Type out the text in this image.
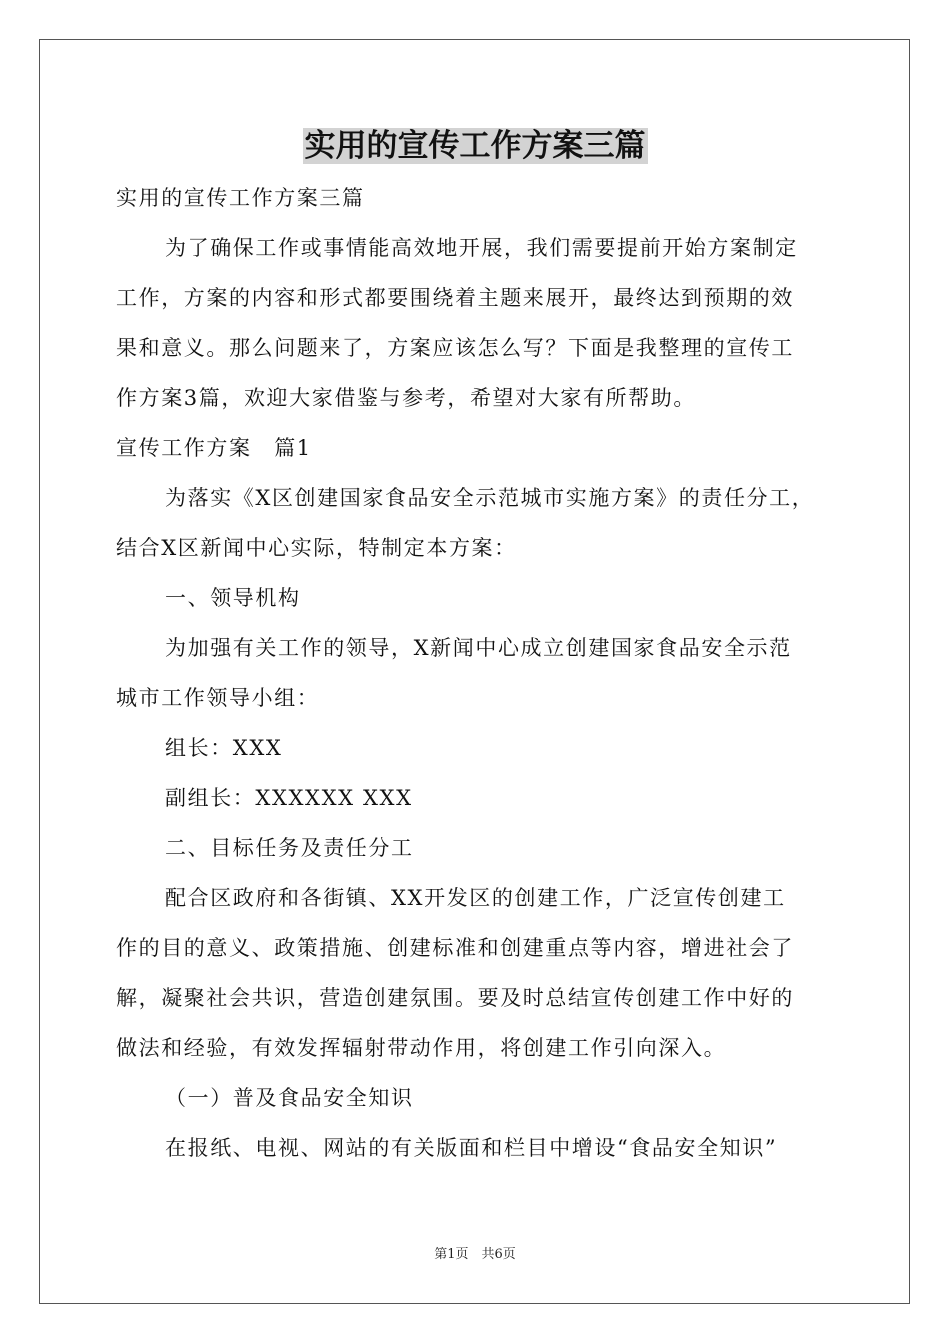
实用的宣传工作方案三篇

实用的宣传工作方案三篇

为了确保工作或事情能高效地开展，我们需要提前开始方案制定

工作，方案的内容和形式都要围绕着主题来展开，最终达到预期的效

果和意义。那么问题来了，方案应该怎么写？下面是我整理的宣传工

作方案3篇，欢迎大家借鉴与参考，希望对大家有所帮助。

宣传工作方案　篇1

为落实《X区创建国家食品安全示范城市实施方案》的责任分工，

结合X区新闻中心实际，特制定本方案：

一、领导机构

为加强有关工作的领导，X新闻中心成立创建国家食品安全示范

城市工作领导小组：

组长：XXX

副组长：XXXXXX XXX

二、目标任务及责任分工

配合区政府和各街镇、XX开发区的创建工作，广泛宣传创建工

作的目的意义、政策措施、创建标准和创建重点等内容，增进社会了

解，凝聚社会共识，营造创建氛围。要及时总结宣传创建工作中好的

做法和经验，有效发挥辐射带动作用，将创建工作引向深入。

（一）普及食品安全知识

在报纸、电视、网站的有关版面和栏目中增设“食品安全知识”

第1页　共6页
